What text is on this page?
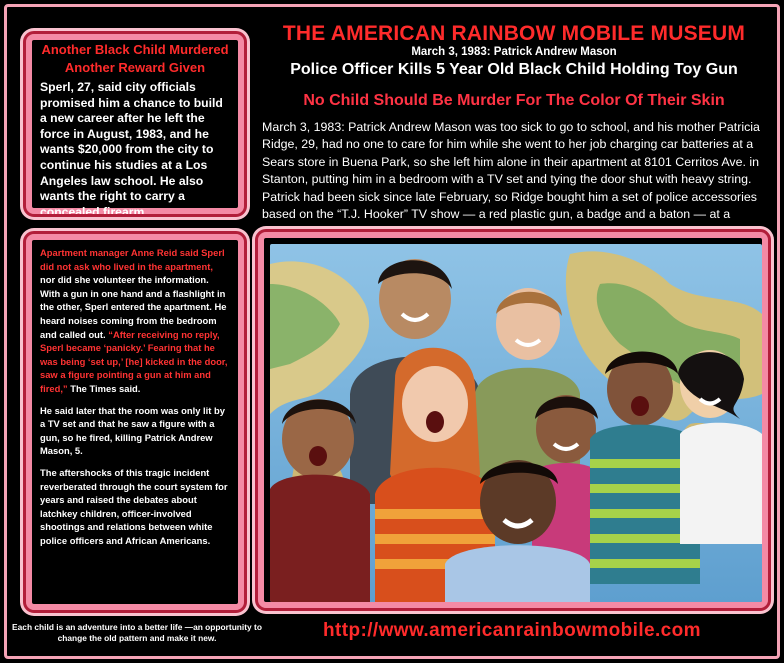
Another Black Child Murdered
Another Reward Given
Sperl, 27, said city officials promised him a chance to build a new career after he left the force in August, 1983, and he wants $20,000 from the city to continue his studies at a Los Angeles law school. He also wants the right to carry a concealed firearm.
Apartment manager Anne Reid said Sperl did not ask who lived in the apartment, nor did she volunteer the information. With a gun in one hand and a flashlight in the other, Sperl entered the apartment. He heard noises coming from the bedroom and called out. “After receiving no reply, Sperl became ‘panicky.’ Fearing that he was being ‘set up,’ [he] kicked in the door, saw a figure pointing a gun at him and fired,” The Times said.
He said later that the room was only lit by a TV set and that he saw a figure with a gun, so he fired, killing Patrick Andrew Mason, 5.
The aftershocks of this tragic incident reverberated through the court system for years and raised the debates about latchkey children, officer-involved shootings and relations between white police officers and African Americans.
THE AMERICAN RAINBOW MOBILE MUSEUM
March 3, 1983: Patrick Andrew Mason
Police Officer Kills 5 Year Old Black Child Holding Toy Gun
No Child Should Be Murder For The Color Of Their Skin
March 3, 1983: Patrick Andrew Mason was too sick to go to school, and his mother Patricia Ridge, 29, had no one to care for him while she went to her job charging car batteries at a Sears store in Buena Park, so she left him alone in their apartment at 8101 Cerritos Ave. in Stanton, putting him in a bedroom with a TV set and tying the door shut with heavy string. Patrick had been sick since late February, so Ridge bought him a set of police accessories based on the “T.J. Hooker” TV show — a red plastic gun, a badge and a baton — at a
Each child is an adventure into a better life —an opportunity to change the old pattern and make it new.	http://www.americanrainbowmobile.com
